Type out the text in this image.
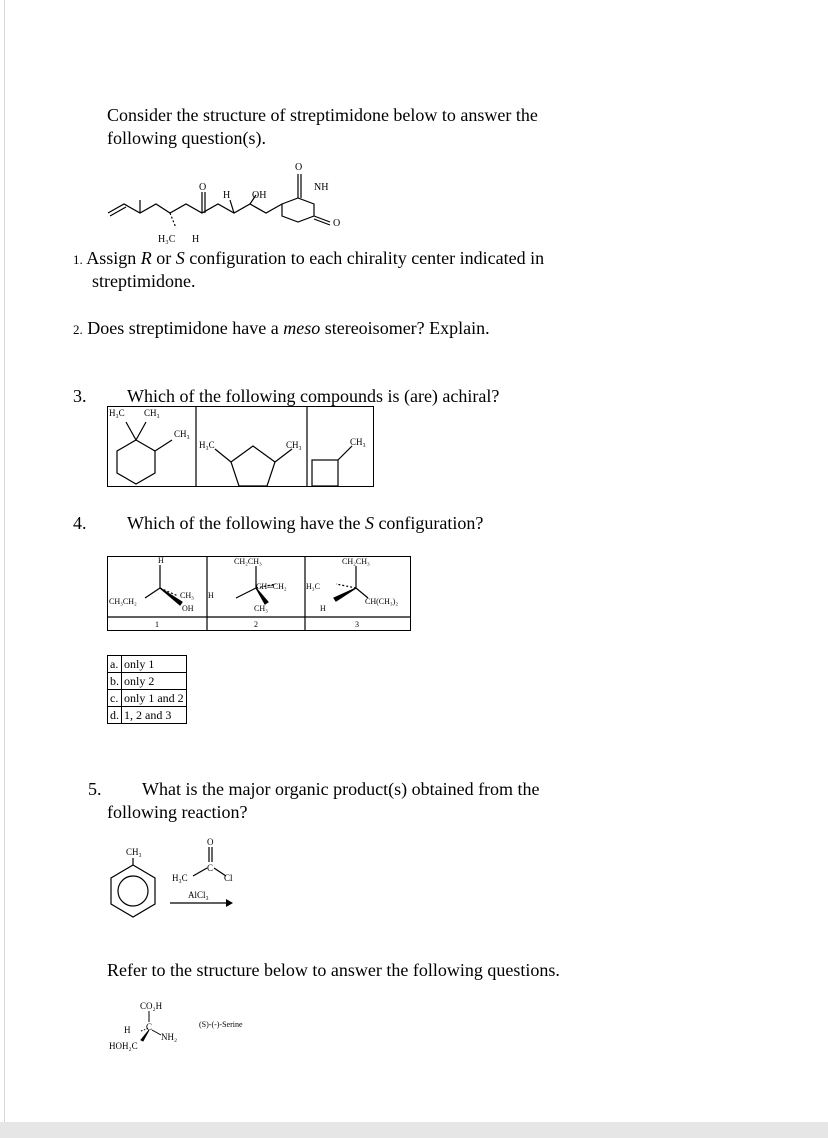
Consider the structure of streptimidone below to answer the
following question(s).
O
O
H OH
NH
O
H₃C H
1. Assign R or S configuration to each chirality center indicated in
streptimidone.
2. Does streptimidone have a meso stereoisomer? Explain.
3. Which of the following compounds is (are) achiral?
H₃C CH₃
CH₃
H₃C	CH₃	CH₃
4. Which of the following have the S configuration?
H
CH₃
CH₃CH₂
OH
H
CH₂CH₃
CH═CH₂
CH₃
H₃C
CH₂CH₃
H
CH(CH₃)₂
1	2	3
a.	only 1
b.	only 2
c.	only 1 and 2
d.	1, 2 and 3
5. What is the major organic product(s) obtained from the
following reaction?
CH₃
O
C
H₃C	Cl
AlCl₃
Refer to the structure below to answer the following questions.
CO₂H
H C
NH₂
HOH₂C
(S)-(-)-Serine
